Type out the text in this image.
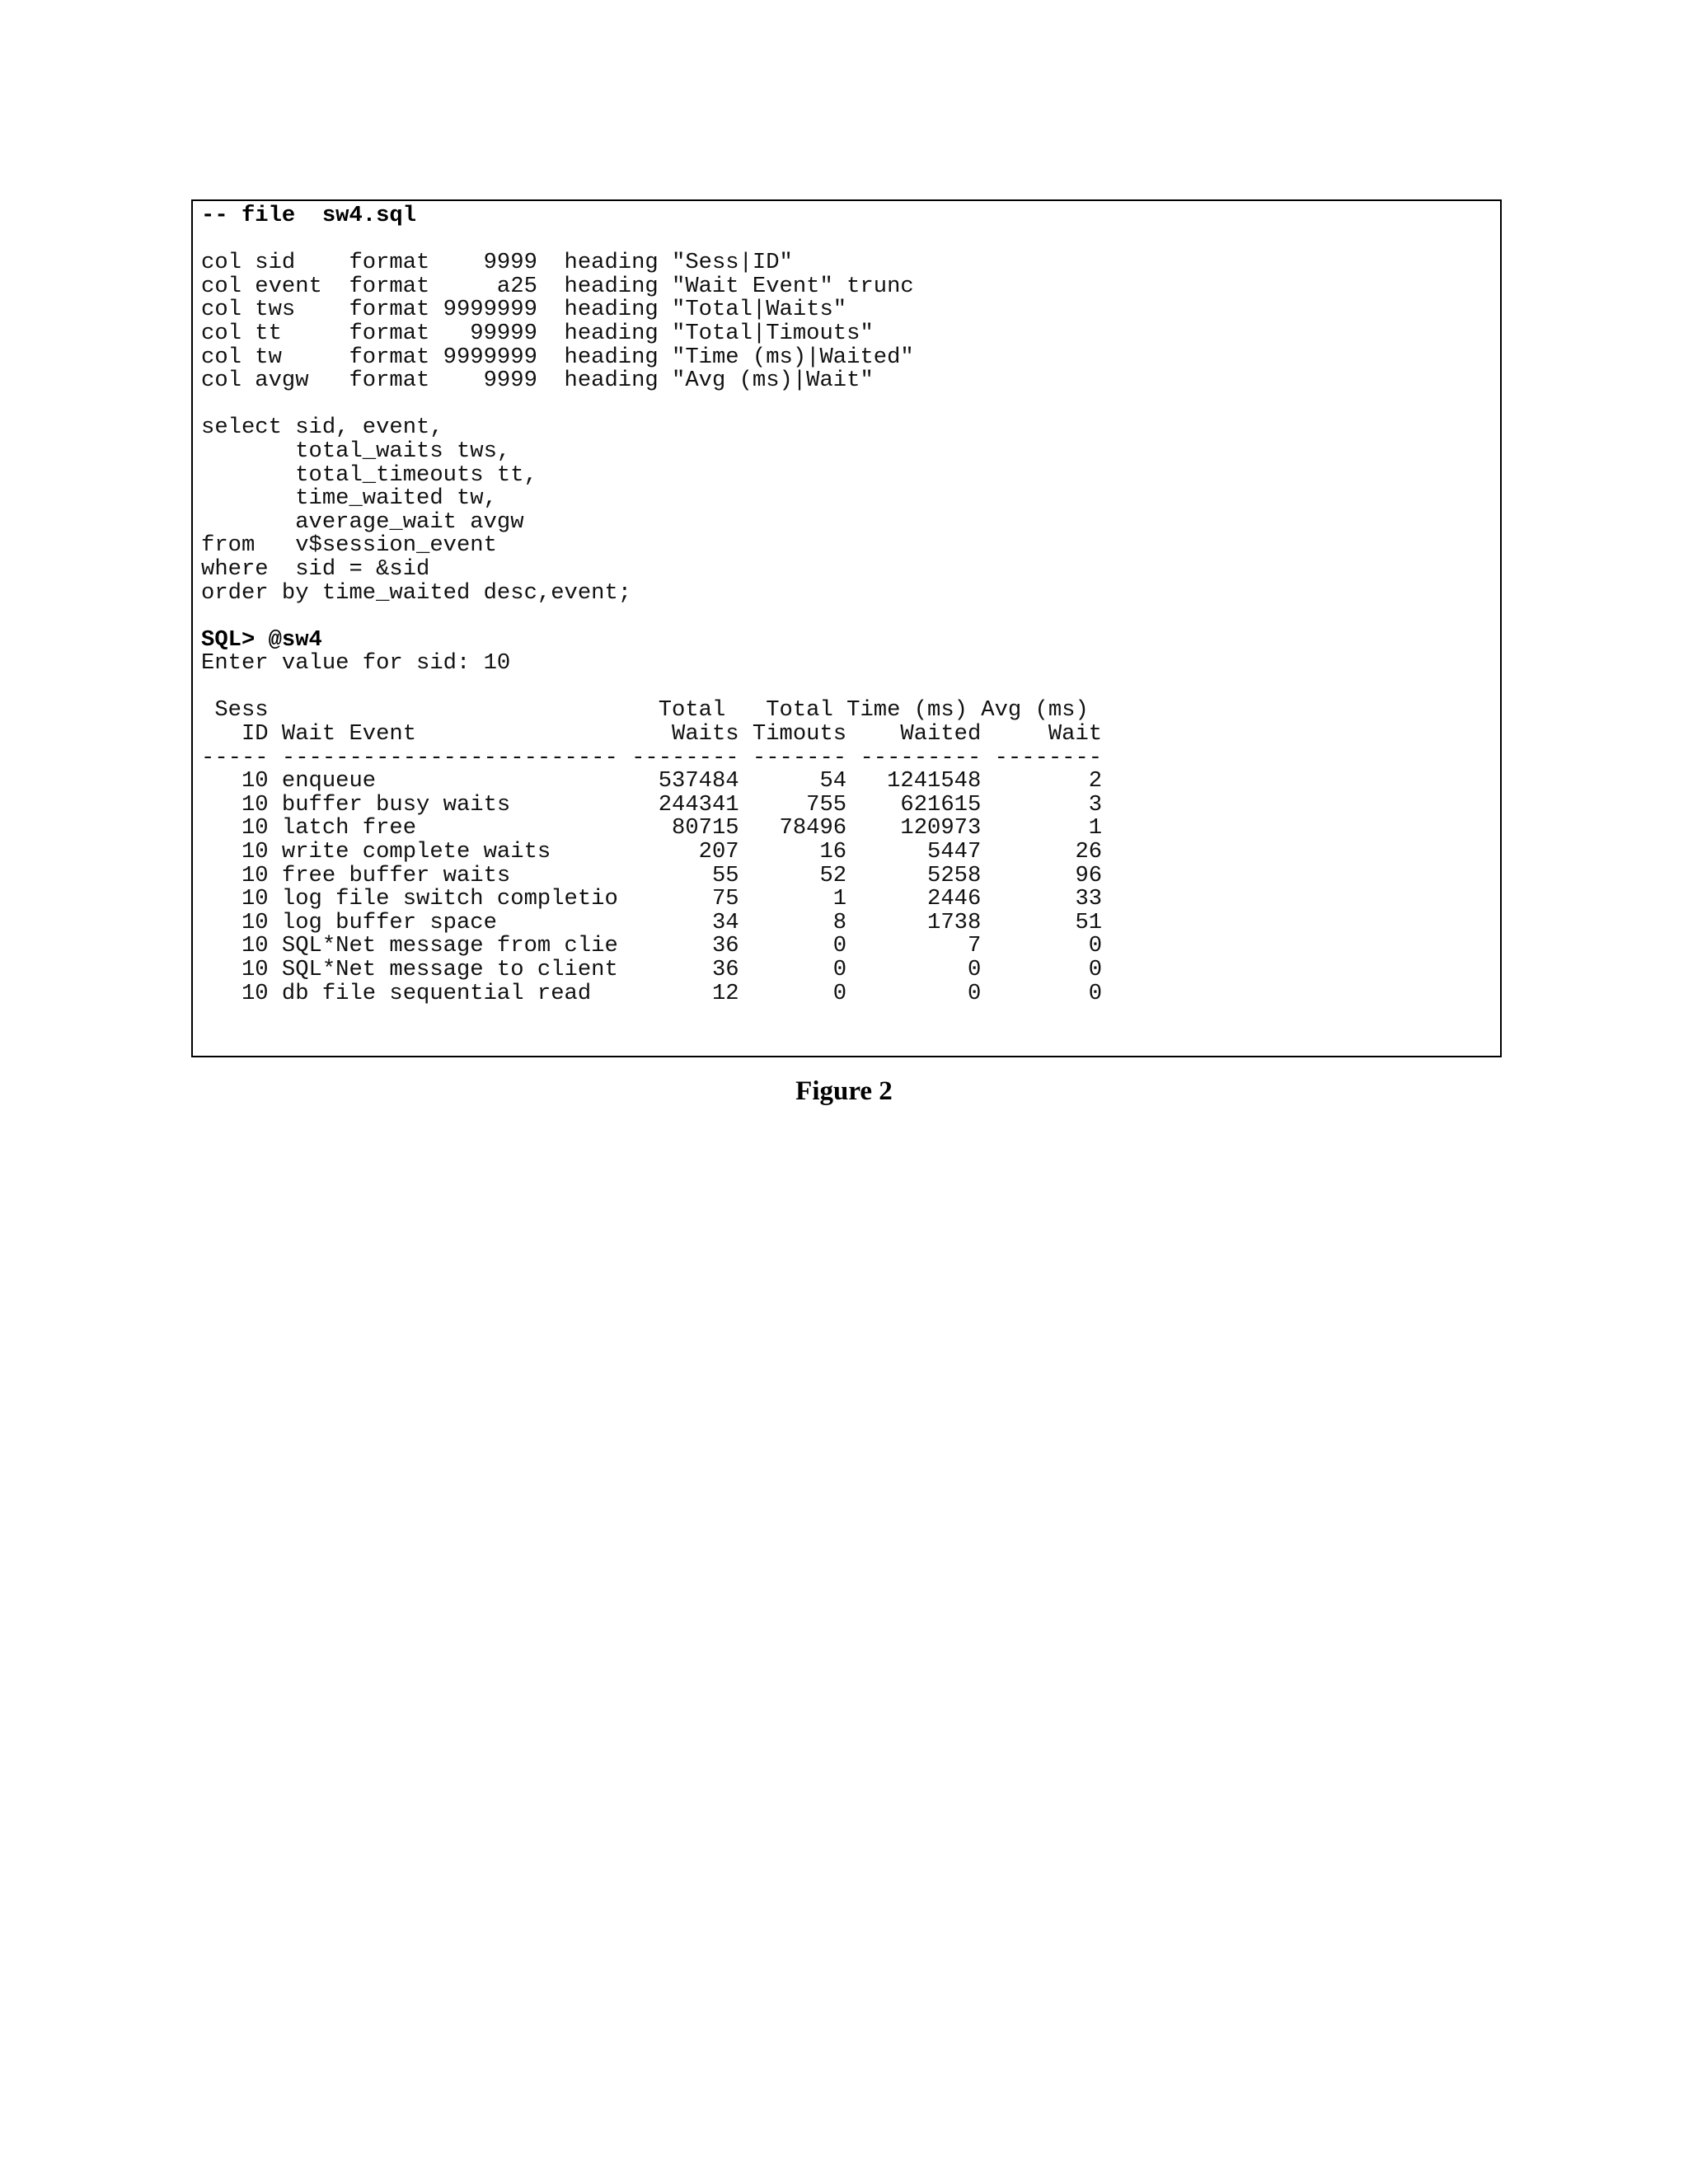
-- file  sw4.sql
col sid    format    9999  heading "Sess|ID"
col event  format     a25  heading "Wait Event" trunc
col tws    format 9999999  heading "Total|Waits"
col tt     format   99999  heading "Total|Timouts"
col tw     format 9999999  heading "Time (ms)|Waited"
col avgw   format    9999  heading "Avg (ms)|Wait"
select sid, event,
total_waits tws,
total_timeouts tt,
time_waited tw,
average_wait avgw
from   v$session_event
where  sid = &sid
order by time_waited desc,event;
SQL> @sw4
Enter value for sid: 10
Sess                             Total   Total Time (ms) Avg (ms)
ID Wait Event                   Waits Timouts    Waited     Wait
----- ------------------------- -------- ------- --------- --------
10 enqueue                     537484      54   1241548        2
10 buffer busy waits           244341     755    621615        3
10 latch free                   80715   78496    120973        1
10 write complete waits           207      16      5447       26
10 free buffer waits               55      52      5258       96
10 log file switch completio       75       1      2446       33
10 log buffer space                34       8      1738       51
10 SQL*Net message from clie       36       0         7        0
10 SQL*Net message to client       36       0         0        0
10 db file sequential read         12       0         0        0
Figure 2
